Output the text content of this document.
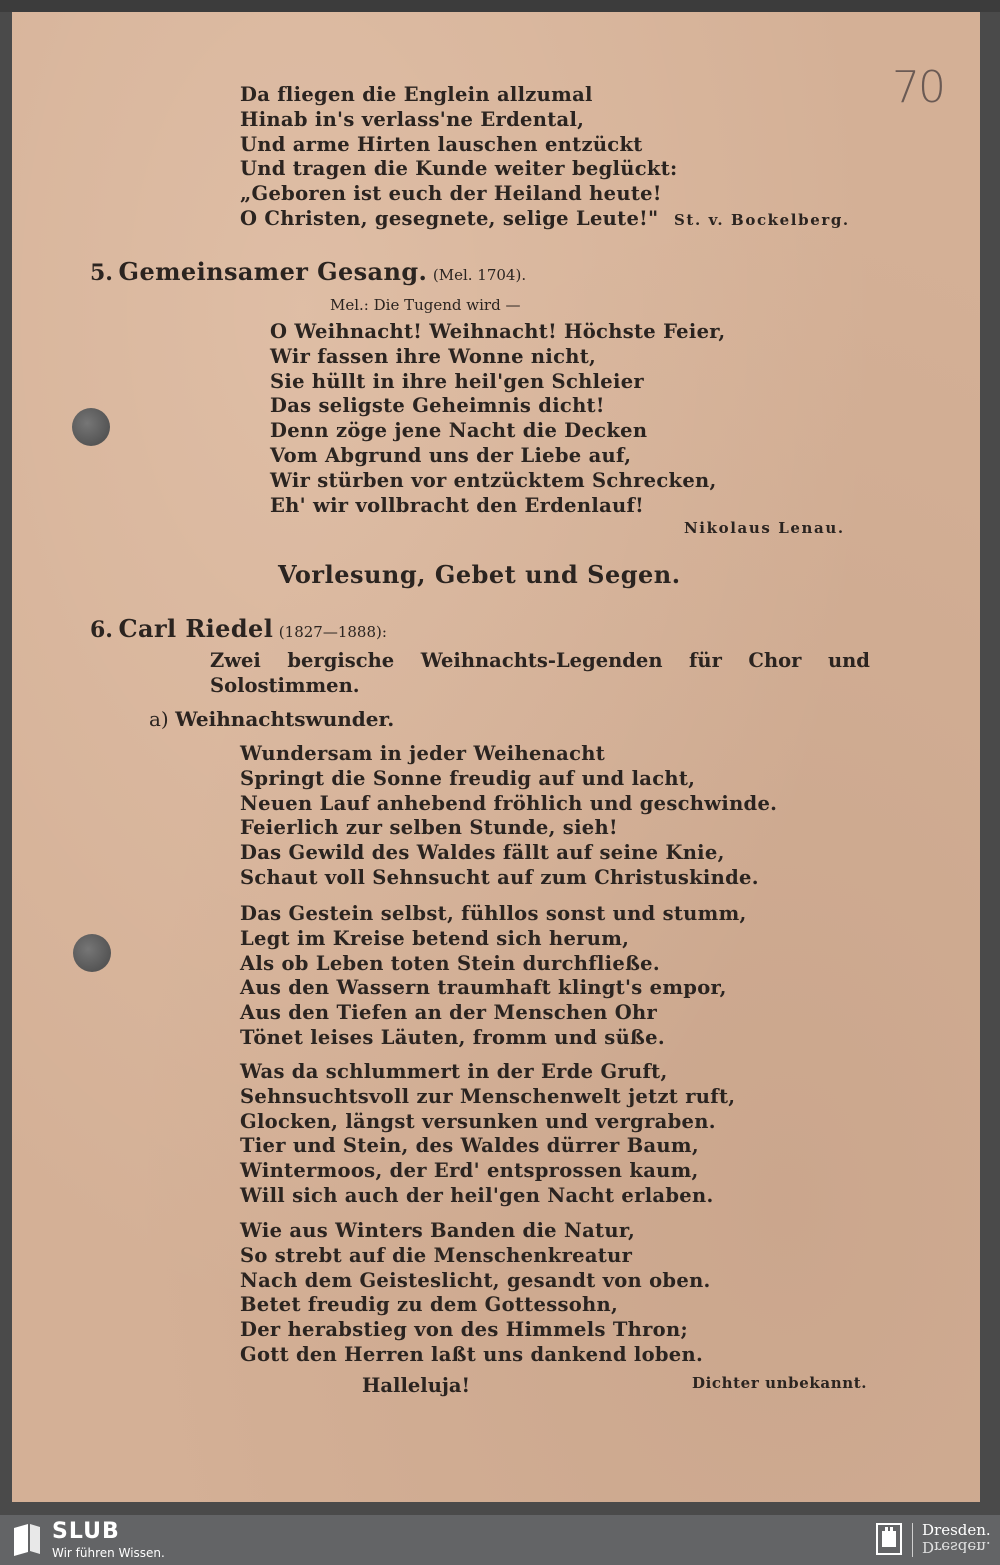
70
Da fliegen die Englein allzumal
Hinab in's verlass'ne Erdental,
Und arme Hirten lauschen entzückt
Und tragen die Kunde weiter beglückt:
„Geboren ist euch der Heiland heute!
O Christen, gesegnete, selige Leute!"	St. v. Bockelberg.
5. Gemeinsamer Gesang. (Mel. 1704).
Mel.: Die Tugend wird —
O Weihnacht! Weihnacht! Höchste Feier,
Wir fassen ihre Wonne nicht,
Sie hüllt in ihre heil'gen Schleier
Das seligste Geheimnis dicht!
Denn zöge jene Nacht die Decken
Vom Abgrund uns der Liebe auf,
Wir stürben vor entzücktem Schrecken,
Eh' wir vollbracht den Erdenlauf!
Nikolaus Lenau.
Vorlesung, Gebet und Segen.
6. Carl Riedel (1827—1888):
Zwei bergische Weihnachts-Legenden für Chor und
Solostimmen.
a) Weihnachtswunder.
Wundersam in jeder Weihenacht
Springt die Sonne freudig auf und lacht,
Neuen Lauf anhebend fröhlich und geschwinde.
Feierlich zur selben Stunde, sieh!
Das Gewild des Waldes fällt auf seine Knie,
Schaut voll Sehnsucht auf zum Christuskinde.
Das Gestein selbst, fühllos sonst und stumm,
Legt im Kreise betend sich herum,
Als ob Leben toten Stein durchfließe.
Aus den Wassern traumhaft klingt's empor,
Aus den Tiefen an der Menschen Ohr
Tönet leises Läuten, fromm und süße.
Was da schlummert in der Erde Gruft,
Sehnsuchtsvoll zur Menschenwelt jetzt ruft,
Glocken, längst versunken und vergraben.
Tier und Stein, des Waldes dürrer Baum,
Wintermoos, der Erd' entsprossen kaum,
Will sich auch der heil'gen Nacht erlaben.
Wie aus Winters Banden die Natur,
So strebt auf die Menschenkreatur
Nach dem Geisteslicht, gesandt von oben.
Betet freudig zu dem Gottessohn,
Der herabstieg von des Himmels Thron;
Gott den Herren laßt uns dankend loben.
Halleluja!	Dichter unbekannt.
SLUB
Wir führen Wissen.
Dresden.
Dresden.
